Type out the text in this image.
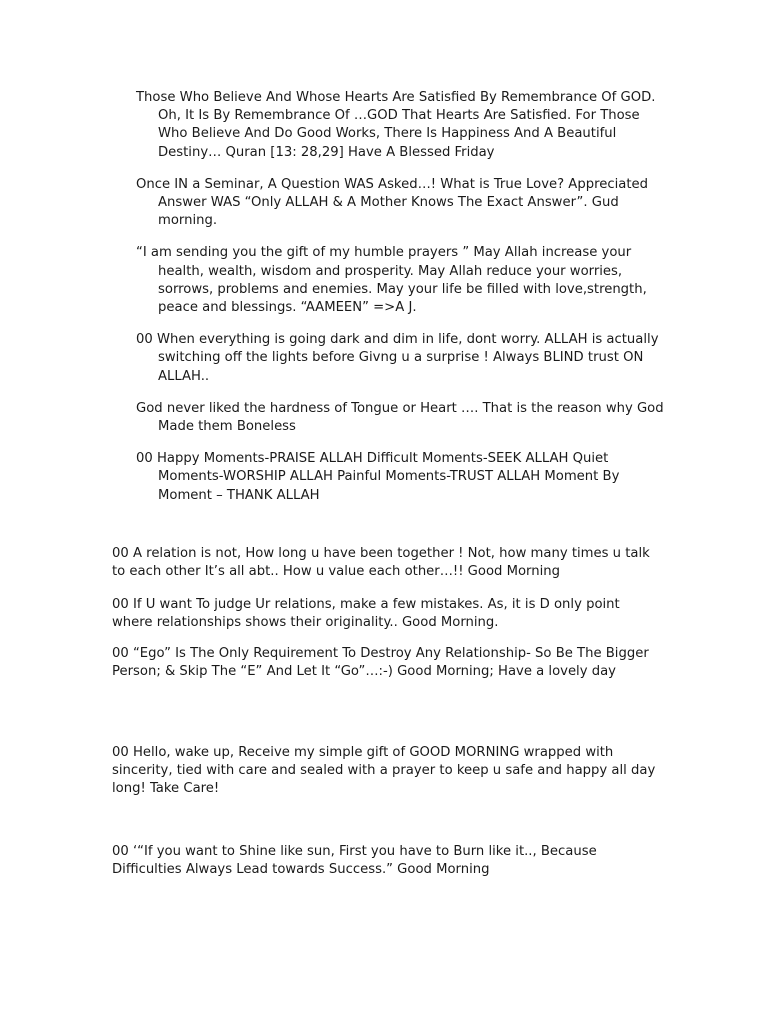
Those Who Believe And Whose Hearts Are Satisfied By Remembrance Of GOD. Oh, It Is By Remembrance Of …GOD That Hearts Are Satisfied. For Those Who Believe And Do Good Works, There Is Happiness And A Beautiful Destiny… Quran [13: 28,29] Have A Blessed Friday

Once IN a Seminar, A Question WAS Asked…! What is True Love? Appreciated Answer WAS “Only ALLAH & A Mother Knows The Exact Answer”. Gud morning.

“I am sending you the gift of my humble prayers ” May Allah increase your health, wealth, wisdom and prosperity. May Allah reduce your worries, sorrows, problems and enemies. May your life be filled with love,strength, peace and blessings. “AAMEEN” =>A J.

00 When everything is going dark and dim in life, dont worry. ALLAH is actually switching off the lights before Givng u a surprise ! Always BLIND trust ON ALLAH..

God never liked the hardness of Tongue or Heart …. That is the reason why God Made them Boneless

00 Happy Moments-PRAISE ALLAH Difficult Moments-SEEK ALLAH Quiet Moments-WORSHIP ALLAH Painful Moments-TRUST ALLAH Moment By Moment – THANK ALLAH

00 A relation is not, How long u have been together ! Not, how many times u talk to each other It’s all abt.. How u value each other…!! Good Morning

00 If U want To judge Ur relations, make a few mistakes. As, it is D only point where relationships shows their originality.. Good Morning.

00 “Ego” Is The Only Requirement To Destroy Any Relationship- So Be The Bigger Person; & Skip The “E” And Let It “Go”…:-) Good Morning; Have a lovely day

00 Hello, wake up, Receive my simple gift of GOOD MORNING wrapped with sincerity, tied with care and sealed with a prayer to keep u safe and happy all day long! Take Care!

00 ‘“If you want to Shine like sun, First you have to Burn like it.., Because Difficulties Always Lead towards Success.” Good Morning
